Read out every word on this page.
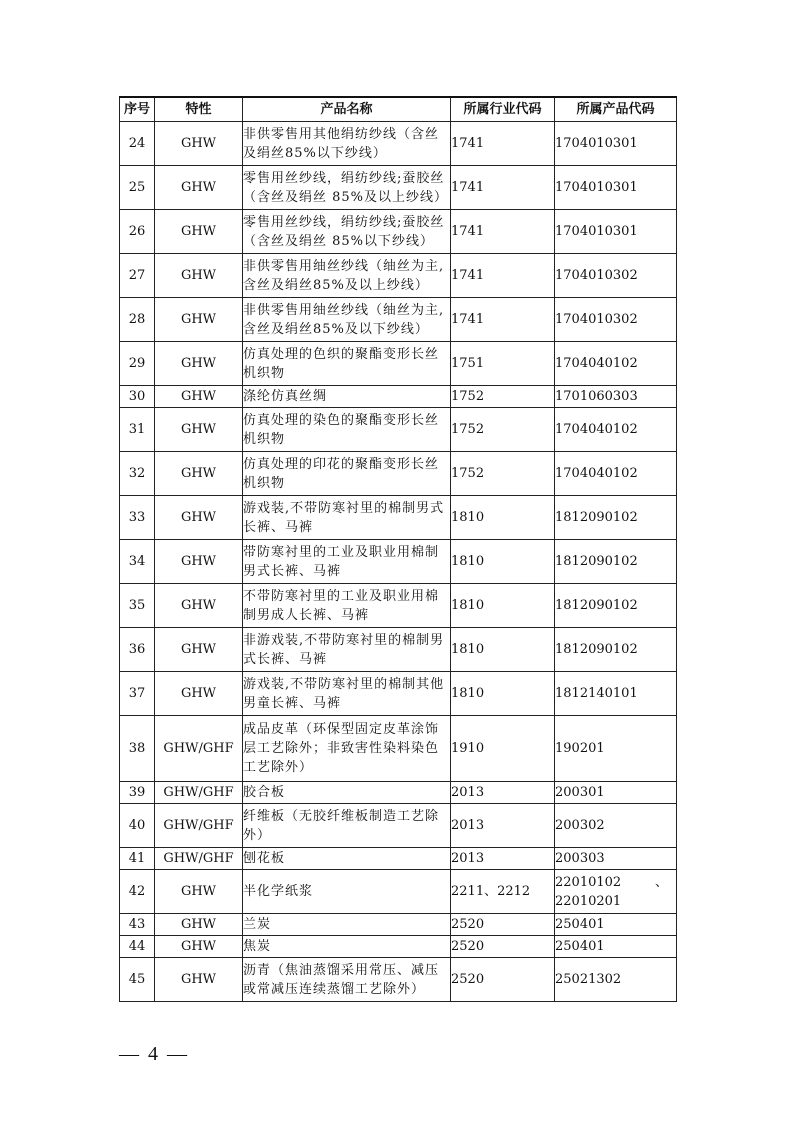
序号	特性	产品名称	所属行业代码	所属产品代码
24	GHW	非供零售用其他绢纺纱线（含丝及绢丝85%以下纱线）	1741	1704010301
25	GHW	零售用丝纱线，绢纺纱线;蚕胶丝（含丝及绢丝 85%及以上纱线）	1741	1704010301
26	GHW	零售用丝纱线，绢纺纱线;蚕胶丝（含丝及绢丝 85%以下纱线）	1741	1704010301
27	GHW	非供零售用䌷丝纱线（䌷丝为主,含丝及绢丝85%及以上纱线）	1741	1704010302
28	GHW	非供零售用䌷丝纱线（䌷丝为主,含丝及绢丝85%及以下纱线）	1741	1704010302
29	GHW	仿真处理的色织的聚酯变形长丝机织物	1751	1704040102
30	GHW	涤纶仿真丝绸	1752	1701060303
31	GHW	仿真处理的染色的聚酯变形长丝机织物	1752	1704040102
32	GHW	仿真处理的印花的聚酯变形长丝机织物	1752	1704040102
33	GHW	游戏装,不带防寒衬里的棉制男式长裤、马裤	1810	1812090102
34	GHW	带防寒衬里的工业及职业用棉制男式长裤、马裤	1810	1812090102
35	GHW	不带防寒衬里的工业及职业用棉制男成人长裤、马裤	1810	1812090102
36	GHW	非游戏装,不带防寒衬里的棉制男式长裤、马裤	1810	1812090102
37	GHW	游戏装,不带防寒衬里的棉制其他男童长裤、马裤	1810	1812140101
38	GHW/GHF	成品皮革（环保型固定皮革涂饰层工艺除外；非致害性染料染色工艺除外）	1910	190201
39	GHW/GHF	胶合板	2013	200301
40	GHW/GHF	纤维板（无胶纤维板制造工艺除外）	2013	200302
41	GHW/GHF	刨花板	2013	200303
42	GHW	半化学纸浆	2211、2212	22010102 、
22010201

43	GHW	兰炭	2520	250401
44	GHW	焦炭	2520	250401
45	GHW	沥青（焦油蒸馏采用常压、减压或常减压连续蒸馏工艺除外）	2520	25021302
— 4 —
